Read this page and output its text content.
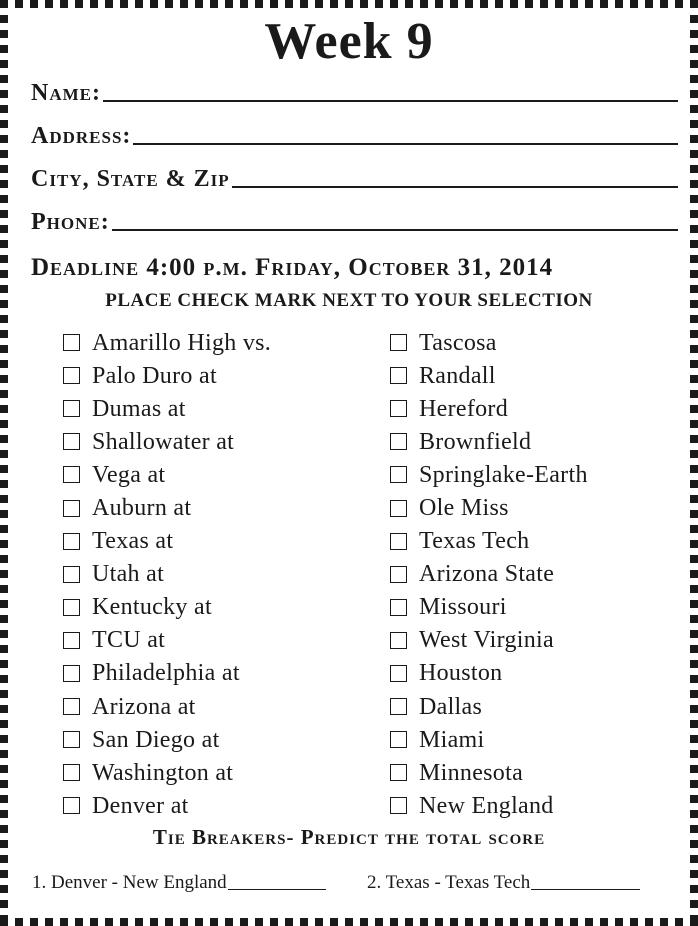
Week 9
Name:
Address:
City, State & Zip
Phone:
Deadline 4:00 p.m. Friday, October 31, 2014
PLACE CHECK MARK NEXT TO YOUR SELECTION
Amarillo High vs.
Palo Duro at
Dumas at
Shallowater at
Vega at
Auburn at
Texas at
Utah at
Kentucky at
TCU at
Philadelphia at
Arizona at
San Diego at
Washington at
Denver at
Tascosa
Randall
Hereford
Brownfield
Springlake-Earth
Ole Miss
Texas Tech
Arizona State
Missouri
West Virginia
Houston
Dallas
Miami
Minnesota
New England
Tie Breakers- Predict the total score
1. Denver - New England	2. Texas - Texas Tech
